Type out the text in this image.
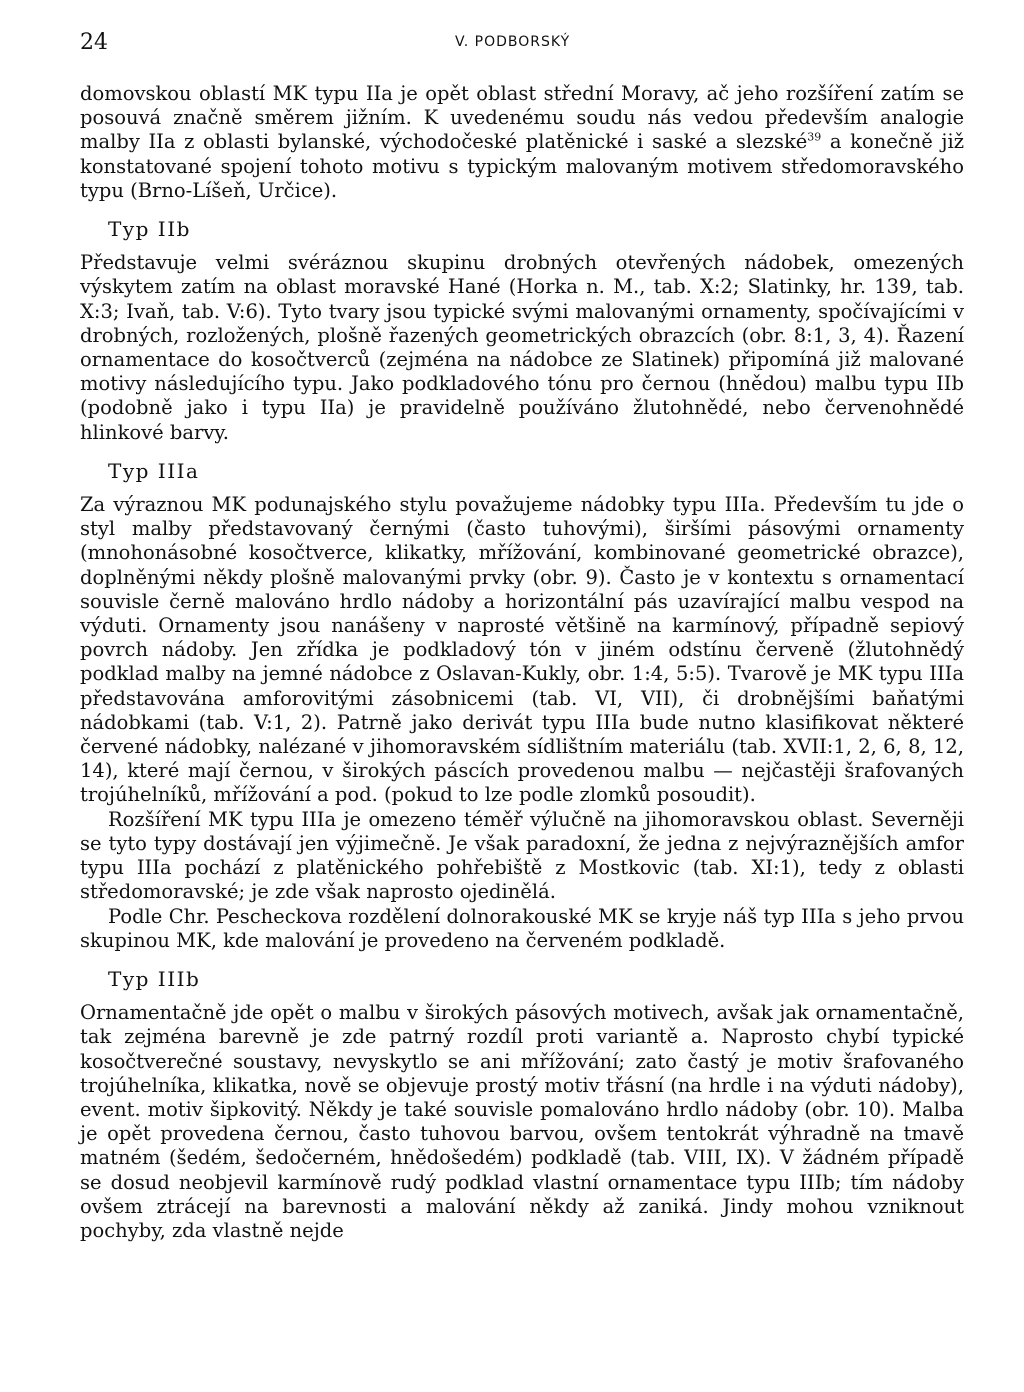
24	V. PODBORSKÝ

domovskou oblastí MK typu IIa je opět oblast střední Moravy, ač jeho rozšíření zatím se posouvá značně směrem jižním. K uvedenému soudu nás vedou především analogie malby IIa z oblasti bylanské, východočeské platěnické i saské a slezské$^{39}$ a konečně již konstatované spojení tohoto motivu s typickým malovaným motivem středomoravského typu (Brno-Líšeň, Určice).

Typ IIb

Představuje velmi svéráznou skupinu drobných otevřených nádobek, omezených výskytem zatím na oblast moravské Hané (Horka n. M., tab. X:2; Slatinky, hr. 139, tab. X:3; Ivaň, tab. V:6). Tyto tvary jsou typické svými malovanými ornamenty, spočívajícími v drobných, rozložených, plošně řazených geometrických obrazcích (obr. 8:1, 3, 4). Řazení ornamentace do kosočtverců (zejména na nádobce ze Slatinek) připomíná již malované motivy následujícího typu. Jako podkladového tónu pro černou (hnědou) malbu typu IIb (podobně jako i typu IIa) je pravidelně používáno žlutohnědé, nebo červenohnědé hlinkové barvy.

Typ IIIa

Za výraznou MK podunajského stylu považujeme nádobky typu IIIa. Především tu jde o styl malby představovaný černými (často tuhovými), širšími pásovými ornamenty (mnohonásobné kosočtverce, klikatky, mřížování, kombinované geometrické obrazce), doplněnými někdy plošně malovanými prvky (obr. 9). Často je v kontextu s ornamentací souvisle černě malováno hrdlo nádoby a horizontální pás uzavírající malbu vespod na výduti. Ornamenty jsou nanášeny v naprosté většině na karmínový, případně sepiový povrch nádoby. Jen zřídka je podkladový tón v jiném odstínu červeně (žlutohnědý podklad malby na jemné nádobce z Oslavan-Kukly, obr. 1:4, 5:5). Tvarově je MK typu IIIa představována amforovitými zásobnicemi (tab. VI, VII), či drobnějšími baňatými nádobkami (tab. V:1, 2). Patrně jako derivát typu IIIa bude nutno klasifikovat některé červené nádobky, nalézané v jihomoravském sídlištním materiálu (tab. XVII:1, 2, 6, 8, 12, 14), které mají černou, v širokých páscích provedenou malbu — nejčastěji šrafovaných trojúhelníků, mřížování a pod. (pokud to lze podle zlomků posoudit).

Rozšíření MK typu IIIa je omezeno téměř výlučně na jihomoravskou oblast. Severněji se tyto typy dostávají jen výjimečně. Je však paradoxní, že jedna z nejvýraznějších amfor typu IIIa pochází z platěnického pohřebiště z Mostkovic (tab. XI:1), tedy z oblasti středomoravské; je zde však naprosto ojedinělá.

Podle Chr. Pescheckova rozdělení dolnorakouské MK se kryje náš typ IIIa s jeho prvou skupinou MK, kde malování je provedeno na červeném podkladě.

Typ IIIb

Ornamentačně jde opět o malbu v širokých pásových motivech, avšak jak ornamentačně, tak zejména barevně je zde patrný rozdíl proti variantě a. Naprosto chybí typické kosočtverečné soustavy, nevyskytlo se ani mřížování; zato častý je motiv šrafovaného trojúhelníka, klikatka, nově se objevuje prostý motiv třásní (na hrdle i na výduti nádoby), event. motiv šipkovitý. Někdy je také souvisle pomalováno hrdlo nádoby (obr. 10). Malba je opět provedena černou, často tuhovou barvou, ovšem tentokrát výhradně na tmavě matném (šedém, šedočerném, hnědošedém) podkladě (tab. VIII, IX). V žádném případě se dosud neobjevil karmínově rudý podklad vlastní ornamentace typu IIIb; tím nádoby ovšem ztrácejí na barevnosti a malování někdy až zaniká. Jindy mohou vzniknout pochyby, zda vlastně nejde
